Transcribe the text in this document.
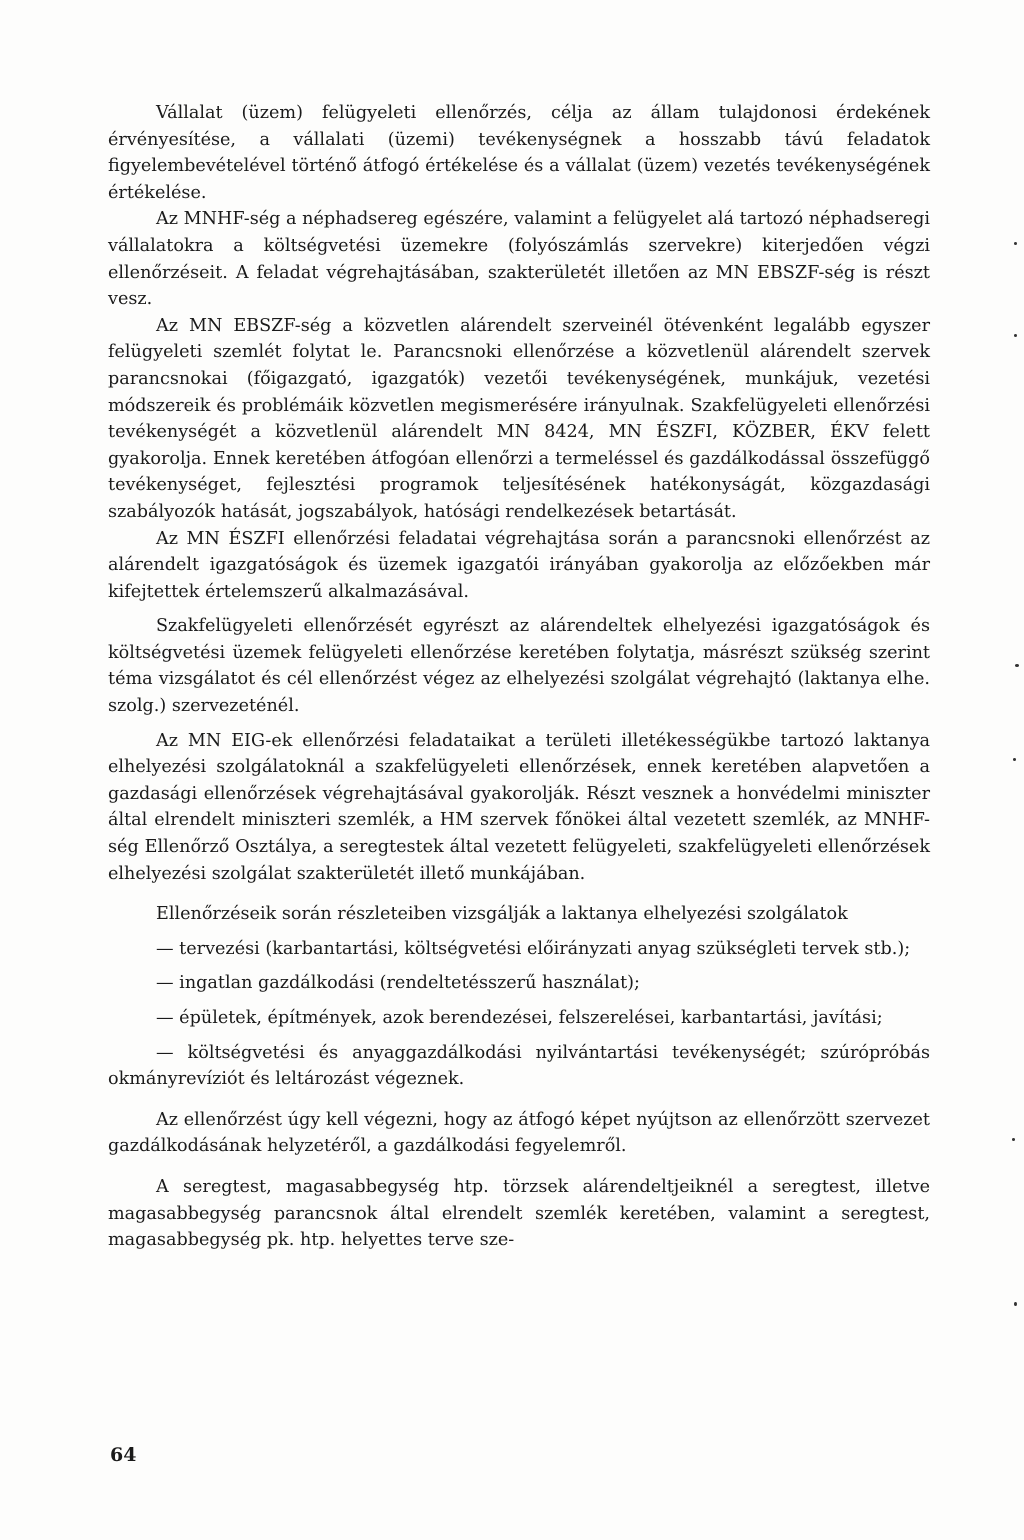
Vállalat (üzem) felügyeleti ellenőrzés, célja az állam tulajdonosi érdekének érvényesítése, a vállalati (üzemi) tevékenységnek a hosszabb távú feladatok figyelembevételével történő átfogó értékelése és a vállalat (üzem) vezetés tevékenységének értékelése.

Az MNHF-ség a néphadsereg egészére, valamint a felügyelet alá tartozó néphadseregi vállalatokra a költségvetési üzemekre (folyószámlás szervekre) kiterjedően végzi ellenőrzéseit. A feladat végrehajtásában, szakterületét illetően az MN EBSZF-ség is részt vesz.

Az MN EBSZF-ség a közvetlen alárendelt szerveinél ötévenként legalább egyszer felügyeleti szemlét folytat le. Parancsnoki ellenőrzése a közvetlenül alárendelt szervek parancsnokai (főigazgató, igazgatók) vezetői tevékenységének, munkájuk, vezetési módszereik és problémáik közvetlen megismerésére irányulnak. Szakfelügyeleti ellenőrzési tevékenységét a közvetlenül alárendelt MN 8424, MN ÉSZFI, KÖZBER, ÉKV felett gyakorolja. Ennek keretében átfogóan ellenőrzi a termeléssel és gazdálkodással összefüggő tevékenységet, fejlesztési programok teljesítésének hatékonyságát, közgazdasági szabályozók hatását, jogszabályok, hatósági rendelkezések betartását.

Az MN ÉSZFI ellenőrzési feladatai végrehajtása során a parancsnoki ellenőrzést az alárendelt igazgatóságok és üzemek igazgatói irányában gyakorolja az előzőekben már kifejtettek értelemszerű alkalmazásával.

Szakfelügyeleti ellenőrzését egyrészt az alárendeltek elhelyezési igazgatóságok és költségvetési üzemek felügyeleti ellenőrzése keretében folytatja, másrészt szükség szerint téma vizsgálatot és cél ellenőrzést végez az elhelyezési szolgálat végrehajtó (laktanya elhe. szolg.) szervezeténél.

Az MN EIG-ek ellenőrzési feladataikat a területi illetékességükbe tartozó laktanya elhelyezési szolgálatoknál a szakfelügyeleti ellenőrzések, ennek keretében alapvetően a gazdasági ellenőrzések végrehajtásával gyakorolják. Részt vesznek a honvédelmi miniszter által elrendelt miniszteri szemlék, a HM szervek főnökei által vezetett szemlék, az MNHF-ség Ellenőrző Osztálya, a seregtestek által vezetett felügyeleti, szakfelügyeleti ellenőrzések elhelyezési szolgálat szakterületét illető munkájában.

Ellenőrzéseik során részleteiben vizsgálják a laktanya elhelyezési szolgálatok

— tervezési (karbantartási, költségvetési előirányzati anyag szükségleti tervek stb.);

— ingatlan gazdálkodási (rendeltetésszerű használat);

— épületek, építmények, azok berendezései, felszerelései, karbantartási, javítási;

— költségvetési és anyaggazdálkodási nyilvántartási tevékenységét; szúrópróbás okmányrevíziót és leltározást végeznek.

Az ellenőrzést úgy kell végezni, hogy az átfogó képet nyújtson az ellenőrzött szervezet gazdálkodásának helyzetéről, a gazdálkodási fegyelemről.

A seregtest, magasabbegység htp. törzsek alárendeltjeiknél a seregtest, illetve magasabbegység parancsnok által elrendelt szemlék keretében, valamint a seregtest, magasabbegység pk. htp. helyettes terve sze-

64
